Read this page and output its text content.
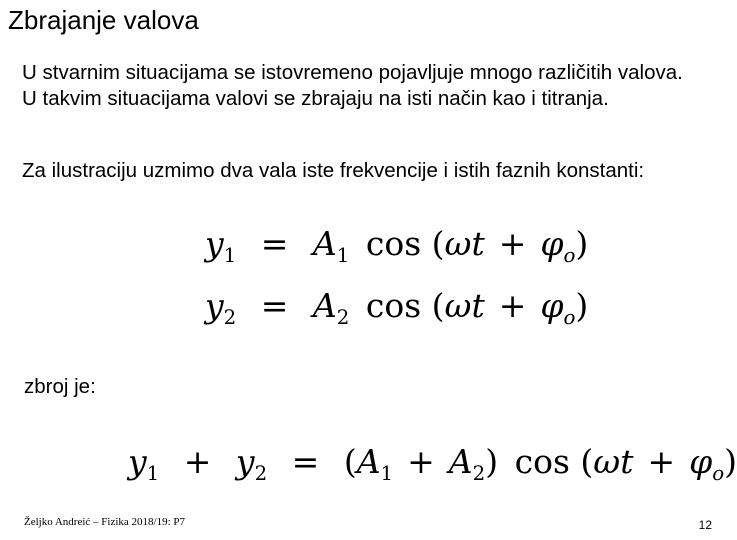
Zbrajanje valova
U stvarnim situacijama se istovremeno pojavljuje mnogo različitih valova. U takvim situacijama valovi se zbrajaju na isti način kao i titranja.
Za ilustraciju uzmimo dva vala iste frekvencije i istih faznih konstanti:
$y_1 = A_1$ $\cos (\omega t + \varphi_o)$
$y_2 = A_2$ $\cos (\omega t + \varphi_o)$
zbroj je:
$y_1 + y_2 = (A_1 + A_2)$ $\cos (\omega t + \varphi_o)$
Željko Andreić – Fizika 2018/19: P7	12
